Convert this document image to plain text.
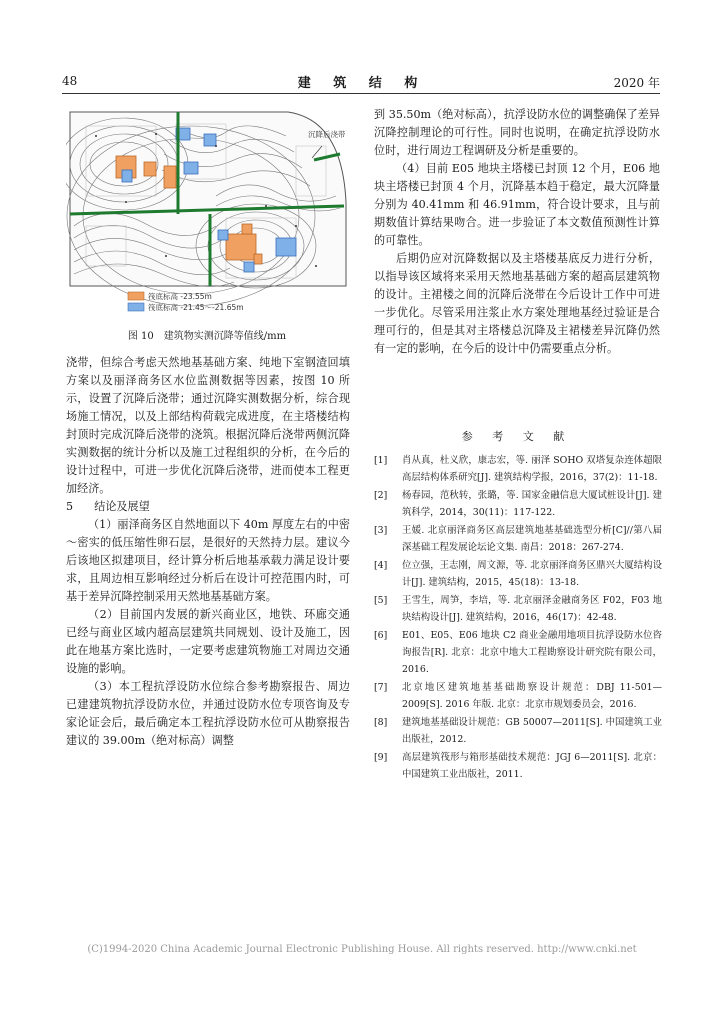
48	建 筑 结 构	2020 年
沉降后浇带
筏底标高 -23.55m
筏底标高 -21.45～-21.65m
图 10　建筑物实测沉降等值线/mm

浇带，但综合考虑天然地基基础方案、纯地下室钢渣回填方案以及丽泽商务区水位监测数据等因素，按图 10 所示，设置了沉降后浇带；通过沉降实测数据分析，综合现场施工情况，以及上部结构荷载完成进度，在主塔楼结构封顶时完成沉降后浇带的浇筑。根据沉降后浇带两侧沉降实测数据的统计分析以及施工过程组织的分析，在今后的设计过程中，可进一步优化沉降后浇带，进而使本工程更加经济。

5 结论及展望

（1）丽泽商务区自然地面以下 40m 厚度左右的中密～密实的低压缩性卵石层，是很好的天然持力层。建议今后该地区拟建项目，经计算分析后地基承载力满足设计要求，且周边相互影响经过分析后在设计可控范围内时，可基于差异沉降控制采用天然地基基础方案。

（2）目前国内发展的新兴商业区，地铁、环廊交通已经与商业区域内超高层建筑共同规划、设计及施工，因此在地基方案比选时，一定要考虑建筑物施工对周边交通设施的影响。

（3）本工程抗浮设防水位综合参考勘察报告、周边已建建筑物抗浮设防水位，并通过设防水位专项咨询及专家论证会后，最后确定本工程抗浮设防水位可从勘察报告建议的 39.00m（绝对标高）调整

到 35.50m（绝对标高），抗浮设防水位的调整确保了差异沉降控制理论的可行性。同时也说明，在确定抗浮设防水位时，进行周边工程调研及分析是重要的。

（4）目前 E05 地块主塔楼已封顶 12 个月，E06 地块主塔楼已封顶 4 个月，沉降基本趋于稳定，最大沉降量分别为 40.41mm 和 46.91mm，符合设计要求，且与前期数值计算结果吻合。进一步验证了本文数值预测性计算的可靠性。

后期仍应对沉降数据以及主塔楼基底反力进行分析，以指导该区域将来采用天然地基基础方案的超高层建筑物的设计。主裙楼之间的沉降后浇带在今后设计工作中可进一步优化。尽管采用注浆止水方案处理地基经过验证是合理可行的，但是其对主塔楼总沉降及主裙楼差异沉降仍然有一定的影响，在今后的设计中仍需要重点分析。

参 考 文 献
[1]	肖从真，杜义欣，康志宏，等. 丽泽 SOHO 双塔复杂连体超限高层结构体系研究[J]. 建筑结构学报，2016，37(2)：11-18.
[2]	杨春园，范秋转，张璐，等. 国家金融信息大厦试桩设计[J]. 建筑科学，2014，30(11)：117-122.
[3]	王媛. 北京丽泽商务区高层建筑地基基础选型分析[C]//第八届深基础工程发展论坛论文集. 南昌：2018：267-274.
[4]	位立强，王志刚，周文源，等. 北京丽泽商务区鼎兴大厦结构设计[J]. 建筑结构，2015，45(18)：13-18.
[5]	王雪生，周笋，李培，等. 北京丽泽金融商务区 F02，F03 地块结构设计[J]. 建筑结构，2016，46(17)：42-48.
[6]	E01、E05、E06 地块 C2 商业金融用地项目抗浮设防水位咨询报告[R]. 北京：北京中地大工程勘察设计研究院有限公司，2016.
[7]	北京地区建筑地基基础勘察设计规范：DBJ 11-501—2009[S]. 2016 年版. 北京：北京市规划委员会，2016.
[8]	建筑地基基础设计规范：GB 50007—2011[S]. 中国建筑工业出版社，2012.
[9]	高层建筑筏形与箱形基础技术规范：JGJ 6—2011[S]. 北京：中国建筑工业出版社，2011.
(C)1994-2020 China Academic Journal Electronic Publishing House. All rights reserved. http://www.cnki.net
